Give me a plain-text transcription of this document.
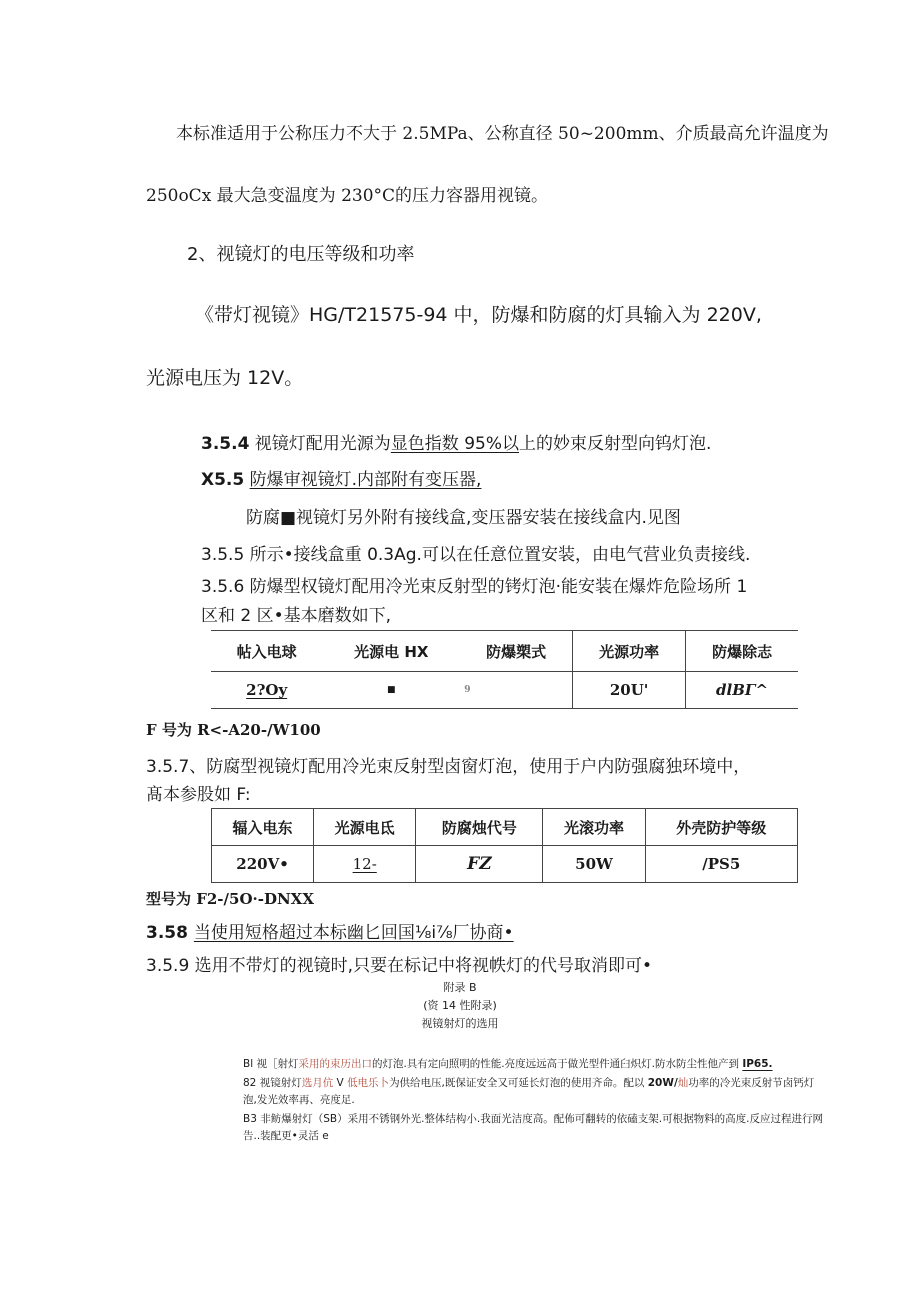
本标准适用于公称压力不大于 2.5MPa、公称直径 50~200mm、介质最高允许温度为
250oCx 最大急变温度为 230°C的压力容器用视镜。
2、视镜灯的电压等级和功率
《带灯视镜》HG/T21575-94 中，防爆和防腐的灯具输入为 220V,
光源电压为 12V。
3.5.4 视镜灯配用光源为显色指数 95%以上的妙束反射型向钨灯泡.
X5.5 防爆审视镜灯.内部附有变压器,
防腐■视镜灯另外附有接线盒,变压器安装在接线盒内.见图
3.5.5 所示•接线盒重 0.3Ag.可以在任意位置安装，由电气营业负责接线.
3.5.6 防爆型权镜灯配用冷光束反射型的铐灯泡·能安装在爆炸危险场所 1
区和 2 区•基本磨数如下,
帖入电球	光源电 HX	防爆槊式	光源功率	防爆除志
2?Oy	■	9	20U'	dlBΓ^
F 号为 R<-A20-∕W100
3.5.7、防腐型视镜灯配用冷光束反射型卤窗灯泡，使用于户内防强腐独环境中，
髙本参股如 F:
辐入电东	光源电氐	防腐烛代号	光滚功率	外壳防护等级
220V•	12-	FZ	50W	/PS5
型号为 F2-∕5O·-DNXX
3.58 当使用短格超过本标幽匕回国⅛i⅞厂协商•
3.5.9 选用不带灯的视镜时,只要在标记中将视帙灯的代号取消即可•
附录 B
(资 14 性附录)
视镜射灯的选用
Bl 视［射灯采用的束历出口的灯泡.具有定向照明的性能.亮度远远高于做光型件通臼炽灯.防水防尘性他产到 IP65.
82 视镜射灯选月伉 V 低电乐卜为供给电压,既保证安全又可延长灯泡的使用齐命。配以 20W/灿功率的冷光束反射节卤钙灯
泡,发光效率再、亮度足.
B3 非鲂爆射灯（SB）采用不锈钢外光.整体结构小.我面光洁度高。配佈可翻转的依磕支架.可根据物料的高度.反应过程进行网
告..装配更•灵活 e
